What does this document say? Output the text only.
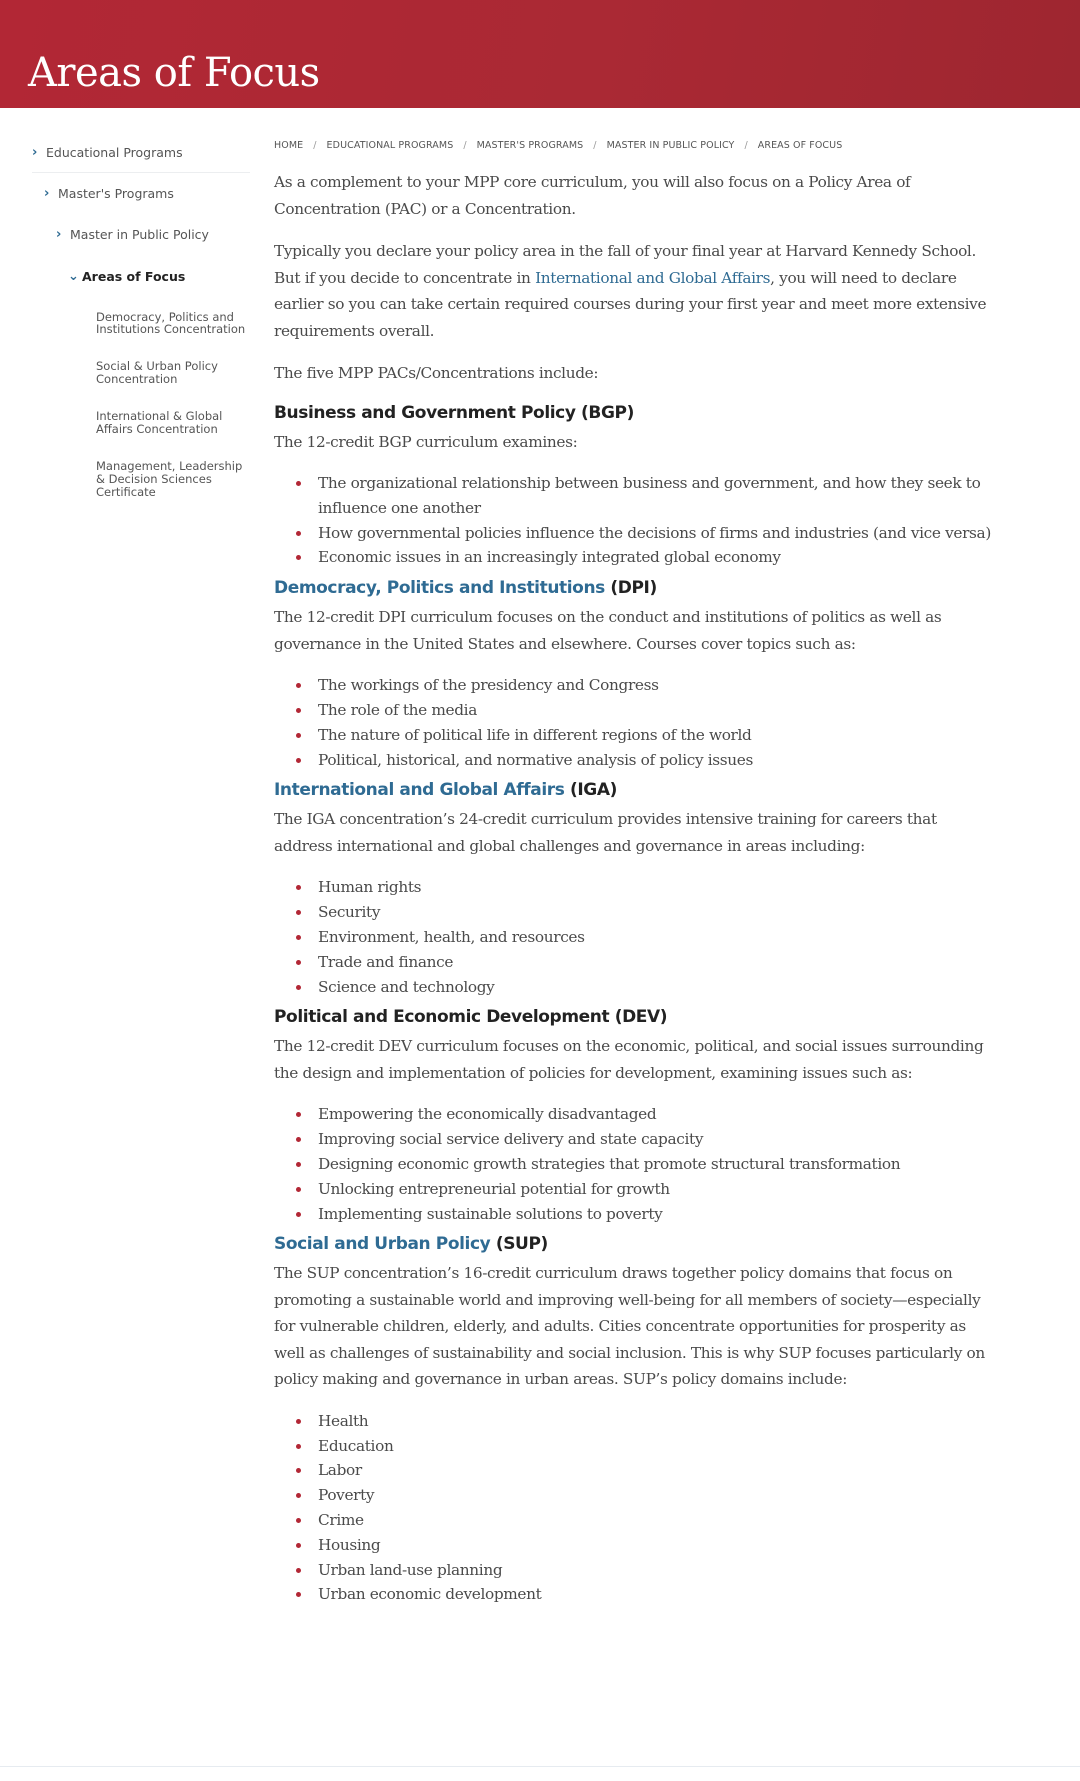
Areas of Focus
› Educational Programs
› Master's Programs
› Master in Public Policy
⌄ Areas of Focus
Democracy, Politics and Institutions Concentration
Social & Urban Policy Concentration
International & Global Affairs Concentration
Management, Leadership & Decision Sciences Certificate
HOME / EDUCATIONAL PROGRAMS / MASTER'S PROGRAMS / MASTER IN PUBLIC POLICY / AREAS OF FOCUS

As a complement to your MPP core curriculum, you will also focus on a Policy Area of Concentration (PAC) or a Concentration.

Typically you declare your policy area in the fall of your final year at Harvard Kennedy School. But if you decide to concentrate in International and Global Affairs, you will need to declare earlier so you can take certain required courses during your first year and meet more extensive requirements overall.

The five MPP PACs/Concentrations include:

Business and Government Policy (BGP)

The 12-credit BGP curriculum examines:

The organizational relationship between business and government, and how they seek to influence one another
How governmental policies influence the decisions of firms and industries (and vice versa)
Economic issues in an increasingly integrated global economy
Democracy, Politics and Institutions (DPI)

The 12-credit DPI curriculum focuses on the conduct and institutions of politics as well as governance in the United States and elsewhere. Courses cover topics such as:

The workings of the presidency and Congress
The role of the media
The nature of political life in different regions of the world
Political, historical, and normative analysis of policy issues
International and Global Affairs (IGA)

The IGA concentration’s 24-credit curriculum provides intensive training for careers that address international and global challenges and governance in areas including:

Human rights
Security
Environment, health, and resources
Trade and finance
Science and technology
Political and Economic Development (DEV)

The 12-credit DEV curriculum focuses on the economic, political, and social issues surrounding the design and implementation of policies for development, examining issues such as:

Empowering the economically disadvantaged
Improving social service delivery and state capacity
Designing economic growth strategies that promote structural transformation
Unlocking entrepreneurial potential for growth
Implementing sustainable solutions to poverty
Social and Urban Policy (SUP)

The SUP concentration’s 16-credit curriculum draws together policy domains that focus on promoting a sustainable world and improving well-being for all members of society—especially for vulnerable children, elderly, and adults. Cities concentrate opportunities for prosperity as well as challenges of sustainability and social inclusion. This is why SUP focuses particularly on policy making and governance in urban areas. SUP’s policy domains include:

Health
Education
Labor
Poverty
Crime
Housing
Urban land-use planning
Urban economic development
